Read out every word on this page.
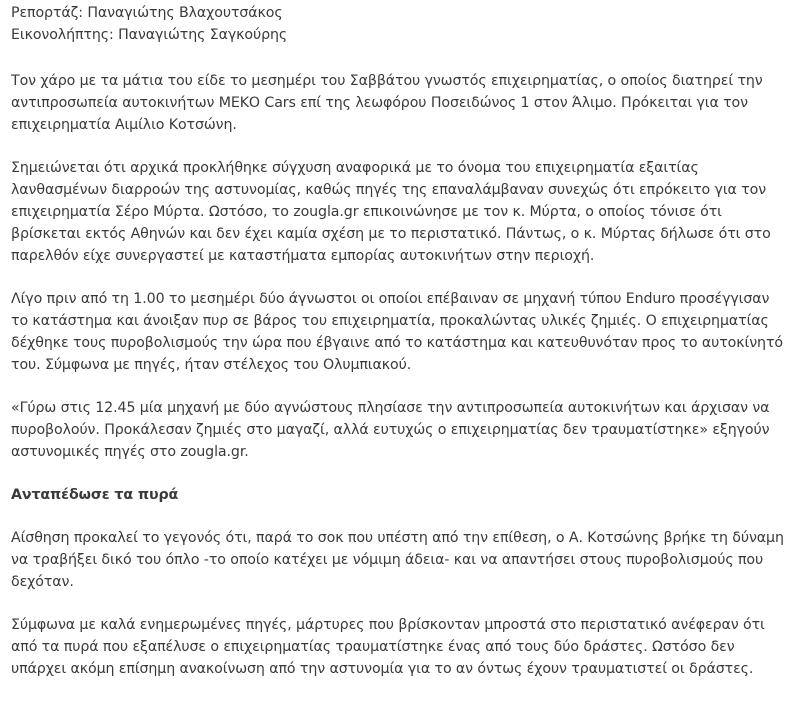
Ρεπορτάζ: Παναγιώτης Βλαχουτσάκος
Εικονολήπτης: Παναγιώτης Σαγκούρης

Τον χάρο με τα μάτια του είδε το μεσημέρι του Σαββάτου γνωστός επιχειρηματίας, ο οποίος διατηρεί την αντιπροσωπεία αυτοκινήτων ΜΕΚΟ Cars επί της λεωφόρου Ποσειδώνος 1 στον Άλιμο. Πρόκειται για τον επιχειρηματία Αιμίλιο Κοτσώνη.

Σημειώνεται ότι αρχικά προκλήθηκε σύγχυση αναφορικά με το όνομα του επιχειρηματία εξαιτίας λανθασμένων διαρροών της αστυνομίας, καθώς πηγές της επαναλάμβαναν συνεχώς ότι επρόκειτο για τον επιχειρηματία Σέρο Μύρτα. Ωστόσο, το zougla.gr επικοινώνησε με τον κ. Μύρτα, ο οποίος τόνισε ότι βρίσκεται εκτός Αθηνών και δεν έχει καμία σχέση με το περιστατικό. Πάντως, ο κ. Μύρτας δήλωσε ότι στο παρελθόν είχε συνεργαστεί με καταστήματα εμπορίας αυτοκινήτων στην περιοχή.

Λίγο πριν από τη 1.00 το μεσημέρι δύο άγνωστοι οι οποίοι επέβαιναν σε μηχανή τύπου Enduro προσέγγισαν το κατάστημα και άνοιξαν πυρ σε βάρος του επιχειρηματία, προκαλώντας υλικές ζημιές. Ο επιχειρηματίας δέχθηκε τους πυροβολισμούς την ώρα που έβγαινε από το κατάστημα και κατευθυνόταν προς το αυτοκίνητό του. Σύμφωνα με πηγές, ήταν στέλεχος του Ολυμπιακού.

«Γύρω στις 12.45 μία μηχανή με δύο αγνώστους πλησίασε την αντιπροσωπεία αυτοκινήτων και άρχισαν να πυροβολούν. Προκάλεσαν ζημιές στο μαγαζί, αλλά ευτυχώς ο επιχειρηματίας δεν τραυματίστηκε» εξηγούν αστυνομικές πηγές στο zougla.gr.

Ανταπέδωσε τα πυρά

Αίσθηση προκαλεί το γεγονός ότι, παρά το σοκ που υπέστη από την επίθεση, ο Α. Κοτσώνης βρήκε τη δύναμη να τραβήξει δικό του όπλο -το οποίο κατέχει με νόμιμη άδεια- και να απαντήσει στους πυροβολισμούς που δεχόταν.

Σύμφωνα με καλά ενημερωμένες πηγές, μάρτυρες που βρίσκονταν μπροστά στο περιστατικό ανέφεραν ότι από τα πυρά που εξαπέλυσε ο επιχειρηματίας τραυματίστηκε ένας από τους δύο δράστες. Ωστόσο δεν υπάρχει ακόμη επίσημη ανακοίνωση από την αστυνομία για το αν όντως έχουν τραυματιστεί οι δράστες.
